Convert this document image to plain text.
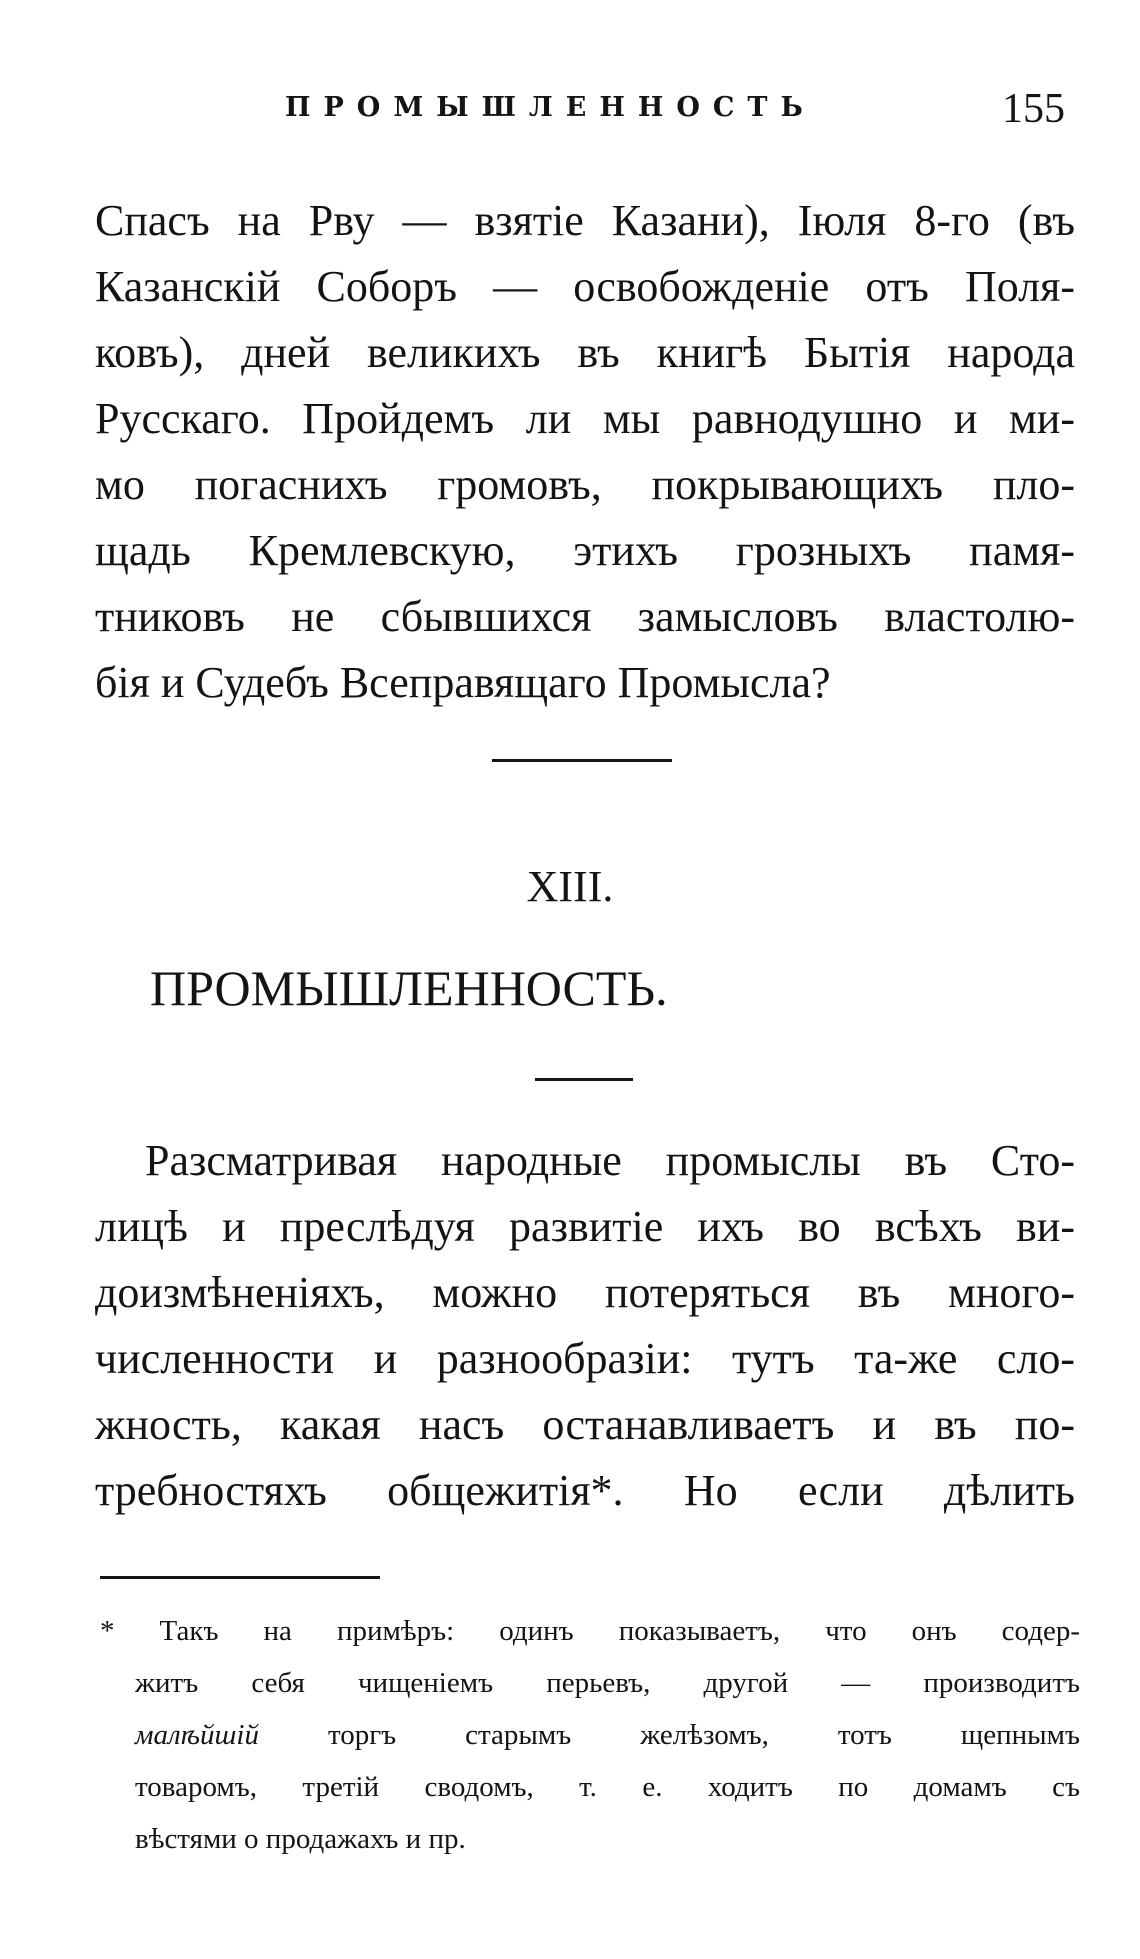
ПРОМЫШЛЕННОСТЬ	155
Спасъ на Рву — взятіе Казани), Іюля 8-го (въ
Казанскій Соборъ — освобожденіе отъ Поля-
ковъ), дней великихъ въ книгѣ Бытія народа
Русскаго. Пройдемъ ли мы равнодушно и ми-
мо погаснихъ громовъ, покрывающихъ пло-
щадь Кремлевскую, этихъ грозныхъ памя-
тниковъ не сбывшихся замысловъ властолю-
бія и Судебъ Всеправящаго Промысла?
XIII.
ПРОМЫШЛЕННОСТЬ.
Разсматривая народные промыслы въ Сто-
лицѣ и преслѣдуя развитіе ихъ во всѣхъ ви-
доизмѣненіяхъ, можно потеряться въ много-
численности и разнообразіи: тутъ та-же сло-
жность, какая насъ останавливаетъ и въ по-
требностяхъ общежитія*. Но если дѣлить
* Такъ на примѣръ: одинъ показываетъ, что онъ содер-
житъ себя чищеніемъ перьевъ, другой — производитъ
малѣйшій торгъ старымъ желѣзомъ, тотъ щепнымъ
товаромъ, третій сводомъ, т. е. ходитъ по домамъ съ
вѣстями о продажахъ и пр.
